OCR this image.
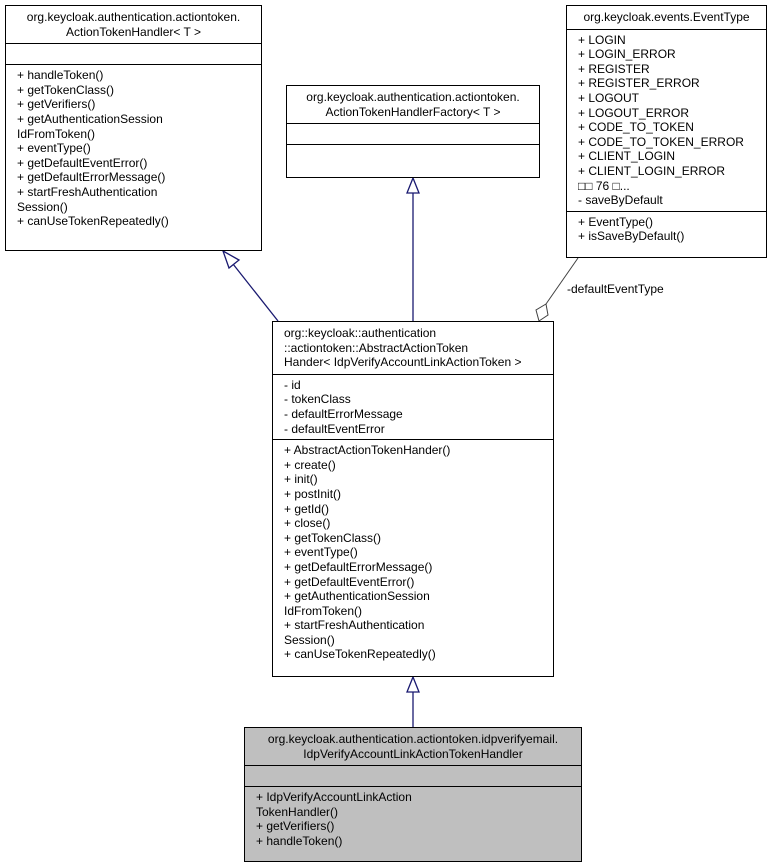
-defaultEventType
org.keycloak.authentication.actiontoken.
ActionTokenHandler< T >
+ handleToken()
+ getTokenClass()
+ getVerifiers()
+ getAuthenticationSession
IdFromToken()
+ eventType()
+ getDefaultEventError()
+ getDefaultErrorMessage()
+ startFreshAuthentication
Session()
+ canUseTokenRepeatedly()
org.keycloak.authentication.actiontoken.
ActionTokenHandlerFactory< T >
org.keycloak.events.EventType
+ LOGIN
+ LOGIN_ERROR
+ REGISTER
+ REGISTER_ERROR
+ LOGOUT
+ LOGOUT_ERROR
+ CODE_TO_TOKEN
+ CODE_TO_TOKEN_ERROR
+ CLIENT_LOGIN
+ CLIENT_LOGIN_ERROR
□□ 76 □...
- saveByDefault
+ EventType()
+ isSaveByDefault()
org::keycloak::authentication
::actiontoken::AbstractActionToken
Hander< IdpVerifyAccountLinkActionToken >
- id
- tokenClass
- defaultErrorMessage
- defaultEventError
+ AbstractActionTokenHander()
+ create()
+ init()
+ postInit()
+ getId()
+ close()
+ getTokenClass()
+ eventType()
+ getDefaultErrorMessage()
+ getDefaultEventError()
+ getAuthenticationSession
IdFromToken()
+ startFreshAuthentication
Session()
+ canUseTokenRepeatedly()
org.keycloak.authentication.actiontoken.idpverifyemail.
IdpVerifyAccountLinkActionTokenHandler
+ IdpVerifyAccountLinkAction
TokenHandler()
+ getVerifiers()
+ handleToken()
